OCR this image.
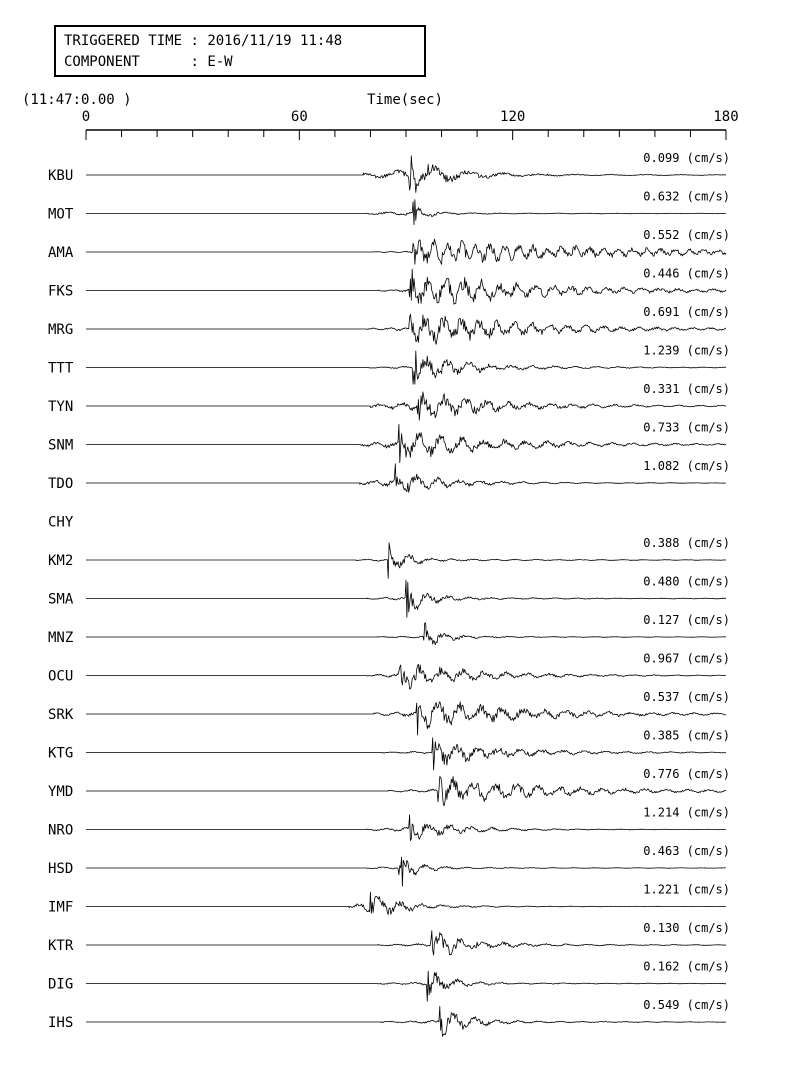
TRIGGERED TIME : 2016/11/19 11:48
COMPONENT	: E-W
(11:47:0.00 )	Time(sec)
0	60	120	180
KBU
0.099 (cm/s)
MOT
0.632 (cm/s)
AMA
0.552 (cm/s)
FKS
0.446 (cm/s)
MRG
0.691 (cm/s)
TTT
1.239 (cm/s)
TYN
0.331 (cm/s)
SNM
0.733 (cm/s)
TDO
1.082 (cm/s)
CHY
KM2
0.388 (cm/s)
SMA
0.480 (cm/s)
MNZ
0.127 (cm/s)
OCU
0.967 (cm/s)
SRK
0.537 (cm/s)
KTG
0.385 (cm/s)
YMD
0.776 (cm/s)
NRO
1.214 (cm/s)
HSD
0.463 (cm/s)
IMF
1.221 (cm/s)
KTR
0.130 (cm/s)
DIG
0.162 (cm/s)
IHS
0.549 (cm/s)
